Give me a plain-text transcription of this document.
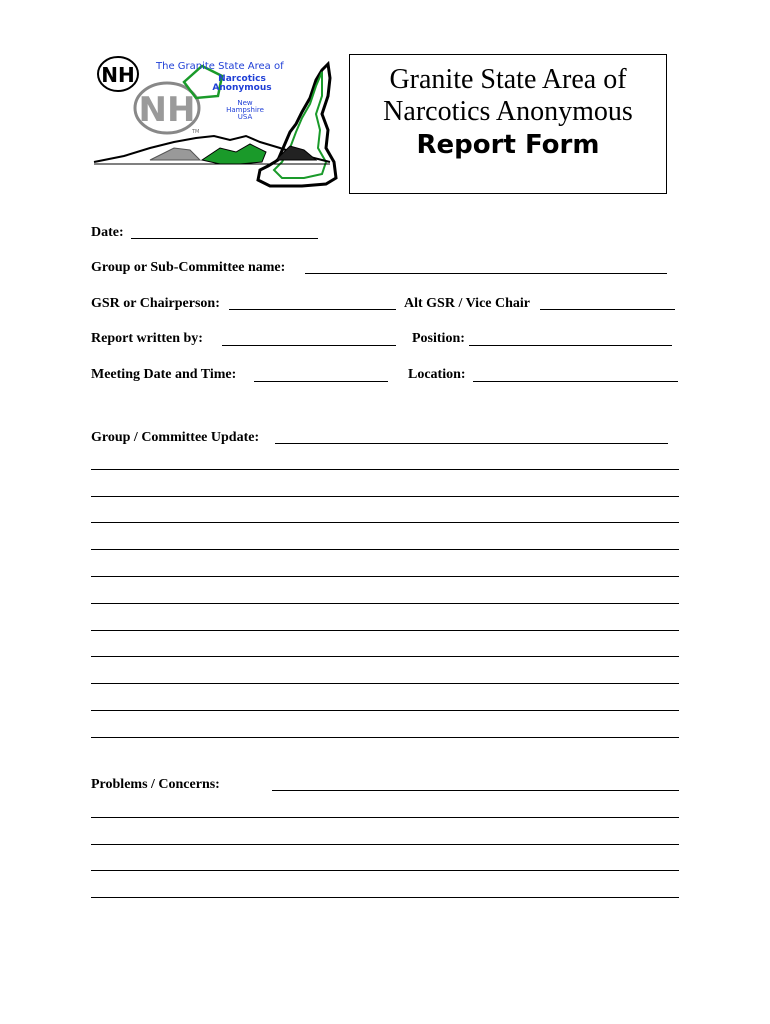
NH
NH
TM
The Granite State Area of
Narcotics
Anonymous
New
Hampshire
USA
Granite State Area of
Narcotics Anonymous
Report Form
Date:
Group or Sub-Committee name:
GSR or Chairperson:	Alt GSR / Vice Chair
Report written by:	Position:
Meeting Date and Time:	Location:
Group / Committee Update:
Problems / Concerns:
